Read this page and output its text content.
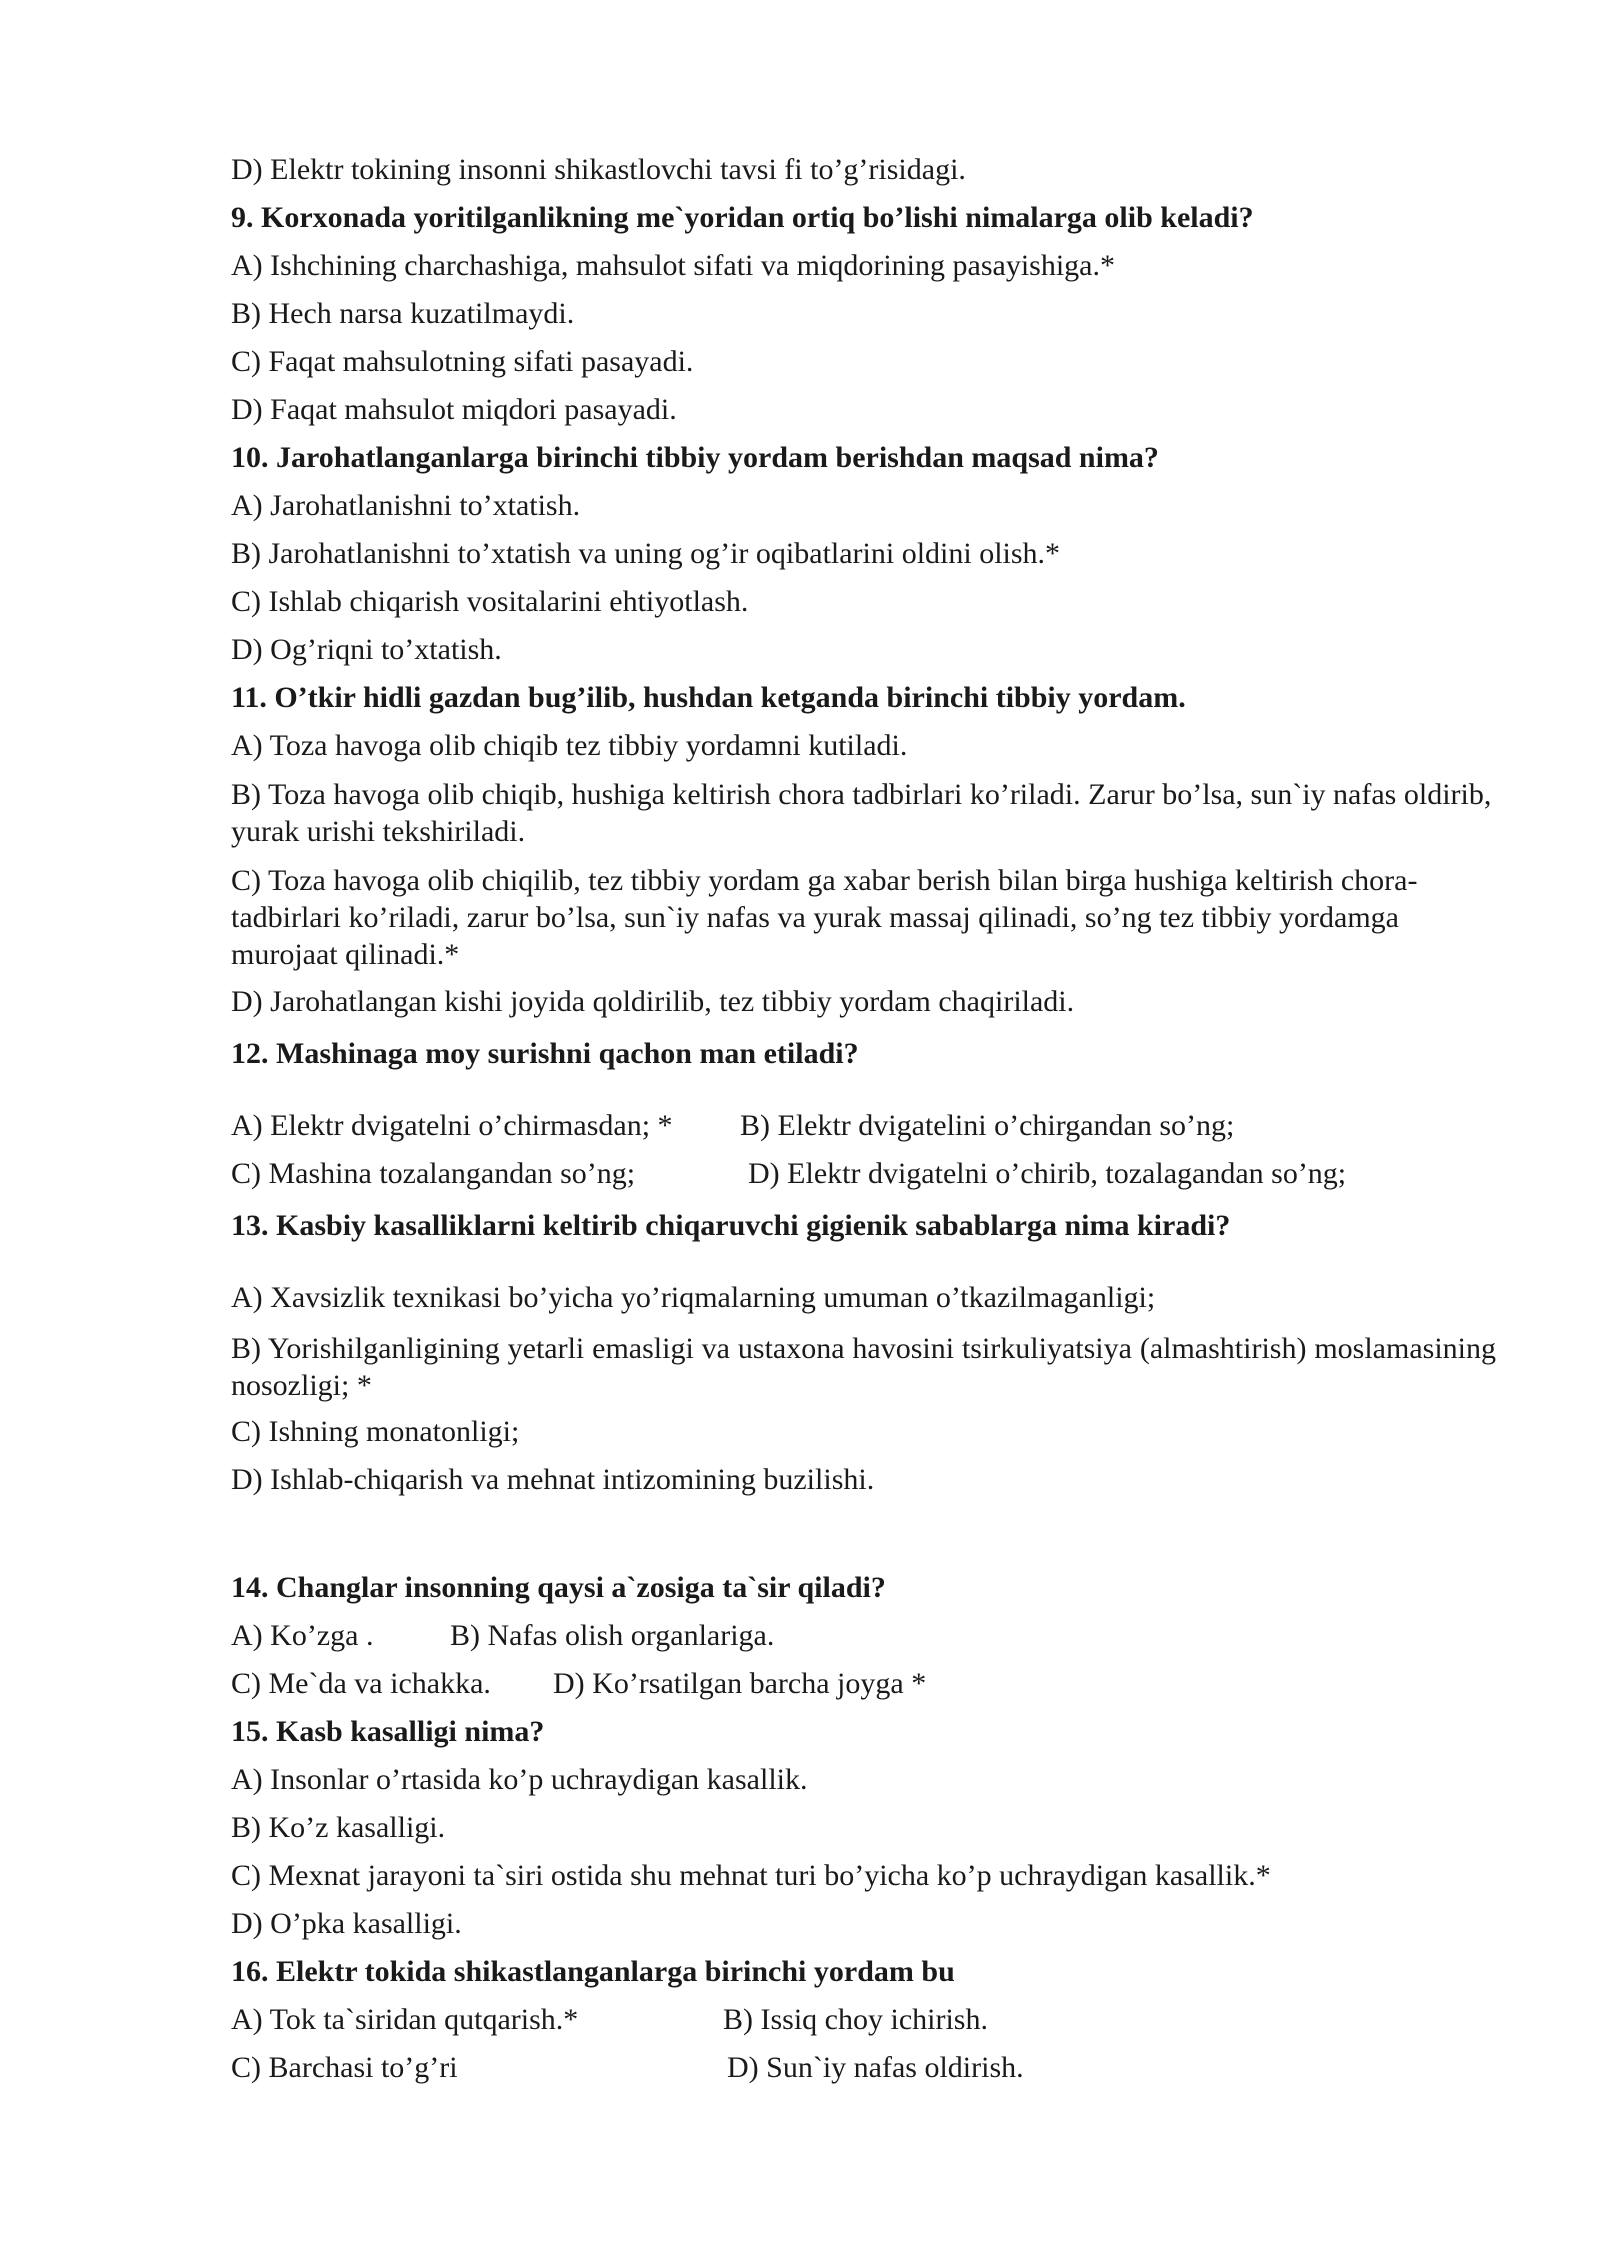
D) Elektr tokining insonni shikastlovchi tavsi fi to’g’risidagi.
9. Korxonada yoritilganlikning me`yoridan ortiq bo’lishi nimalarga olib keladi?
A) Ishchining charchashiga, mahsulot sifati va miqdorining pasayishiga.*
B) Hech narsa kuzatilmaydi.
C) Faqat mahsulotning sifati pasayadi.
D) Faqat mahsulot miqdori pasayadi.
10. Jarohatlanganlarga birinchi tibbiy yordam berishdan maqsad nima?
A) Jarohatlanishni to’xtatish.
B) Jarohatlanishni to’xtatish va uning og’ir oqibatlarini oldini olish.*
C) Ishlab chiqarish vositalarini ehtiyotlash.
D) Og’riqni to’xtatish.
11. O’tkir hidli gazdan bug’ilib, hushdan ketganda birinchi tibbiy yordam.
A) Toza havoga olib chiqib tez tibbiy yordamni kutiladi.
B) Toza havoga olib chiqib, hushiga keltirish chora tadbirlari ko’riladi. Zarur bo’lsa, sun`iy nafas oldirib, yurak urishi tekshiriladi.
C) Toza havoga olib chiqilib, tez tibbiy yordam ga xabar berish bilan birga hushiga keltirish chora-tadbirlari ko’riladi, zarur bo’lsa, sun`iy nafas va yurak massaj qilinadi, so’ng tez tibbiy yordamga murojaat qilinadi.*
D) Jarohatlangan kishi joyida qoldirilib, tez tibbiy yordam chaqiriladi.
12. Mashinaga moy surishni qachon man etiladi?
A) Elektr dvigatelni o’chirmasdan; * B) Elektr dvigatelini o’chirgandan so’ng;
C) Mashina tozalangandan so’ng;	D) Elektr dvigatelni o’chirib, tozalagandan so’ng;
13. Kasbiy kasalliklarni keltirib chiqaruvchi gigienik sabablarga nima kiradi?
A) Xavsizlik texnikasi bo’yicha yo’riqmalarning umuman o’tkazilmaganligi;
B) Yorishilganligining yetarli emasligi va ustaxona havosini tsirkuliyatsiya (almashtirish) moslamasining nosozligi; *
C) Ishning monatonligi;
D) Ishlab-chiqarish va mehnat intizomining buzilishi.
14. Changlar insonning qaysi a`zosiga ta`sir qiladi?
A) Ko’zga .	B) Nafas olish organlariga.
C) Me`da va ichakka. D) Ko’rsatilgan barcha joyga *
15. Kasb kasalligi nima?
A) Insonlar o’rtasida ko’p uchraydigan kasallik.
B) Ko’z kasalligi.
C) Mexnat jarayoni ta`siri ostida shu mehnat turi bo’yicha ko’p uchraydigan kasallik.*
D) O’pka kasalligi.
16. Elektr tokida shikastlanganlarga birinchi yordam bu
A) Tok ta`siridan qutqarish.*	B) Issiq choy ichirish.
C) Barchasi to’g’ri	D) Sun`iy nafas oldirish.
